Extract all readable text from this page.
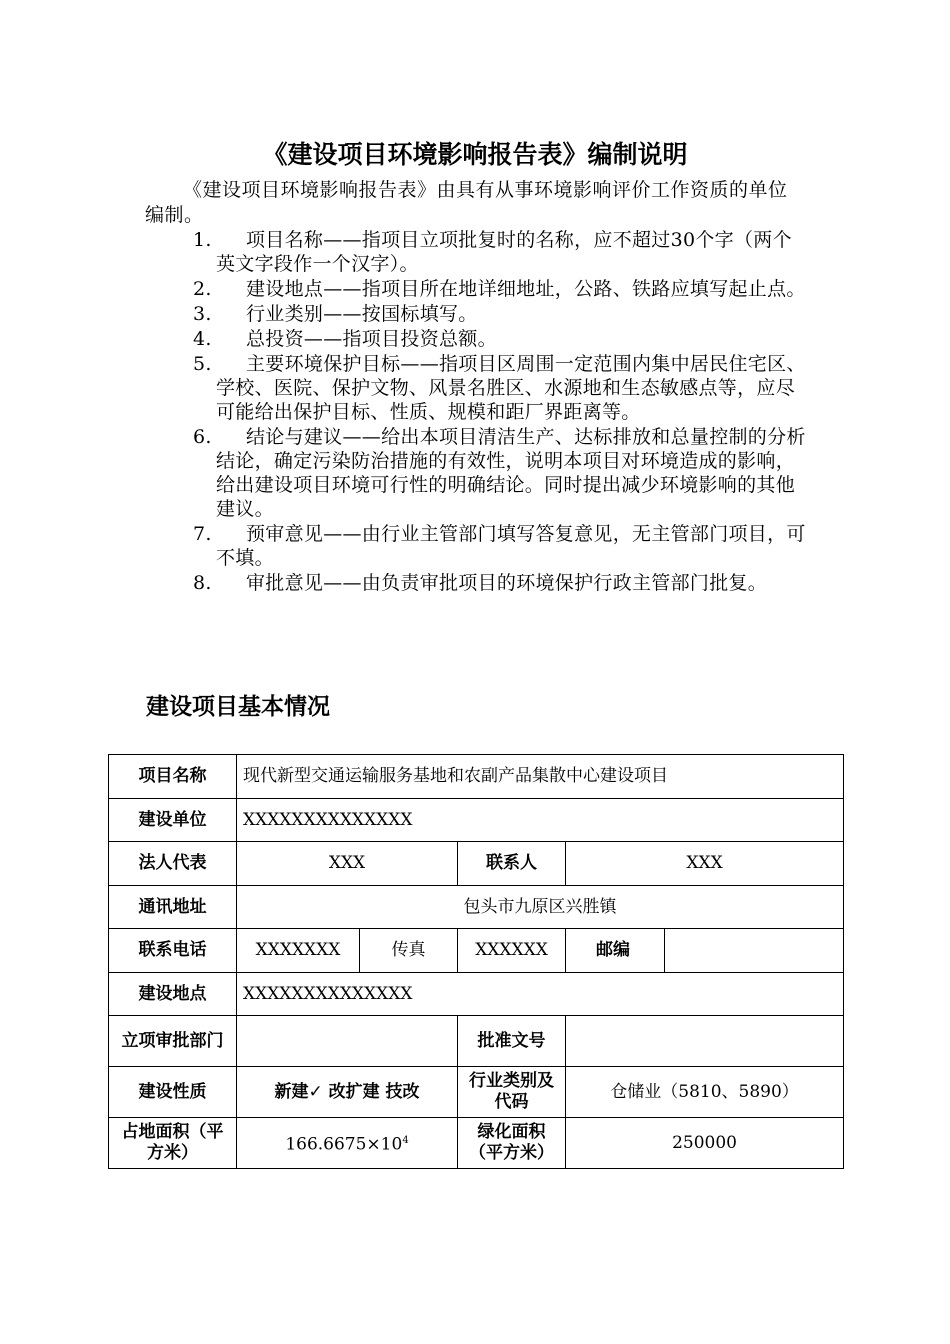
《建设项目环境影响报告表》编制说明
《建设项目环境影响报告表》由具有从事环境影响评价工作资质的单位编制。
1.	项目名称——指项目立项批复时的名称，应不超过30个字（两个英文字段作一个汉字）。
2.	建设地点——指项目所在地详细地址，公路、铁路应填写起止点。
3.	行业类别——按国标填写。
4.	总投资——指项目投资总额。
5.	主要环境保护目标——指项目区周围一定范围内集中居民住宅区、学校、医院、保护文物、风景名胜区、水源地和生态敏感点等，应尽可能给出保护目标、性质、规模和距厂界距离等。
6.	结论与建议——给出本项目清洁生产、达标排放和总量控制的分析结论，确定污染防治措施的有效性，说明本项目对环境造成的影响，给出建设项目环境可行性的明确结论。同时提出减少环境影响的其他建议。
7.	预审意见——由行业主管部门填写答复意见，无主管部门项目，可不填。
8.	审批意见——由负责审批项目的环境保护行政主管部门批复。
建设项目基本情况
项目名称	现代新型交通运输服务基地和农副产品集散中心建设项目				
建设单位	XXXXXXXXXXXXXX				
法人代表	XXX		联系人	XXX	
通讯地址	包头市九原区兴胜镇				
联系电话	XXXXXXX	传真	XXXXXX	邮编	
建设地点	XXXXXXXXXXXXXX				
立项审批部门			批准文号		
建设性质	新建✓ 改扩建 技改		行业类别及代码	仓储业（5810、5890）	
占地面积（平方米）	$166.6675\times 10^4$		绿化面积（平方米）	250000	
